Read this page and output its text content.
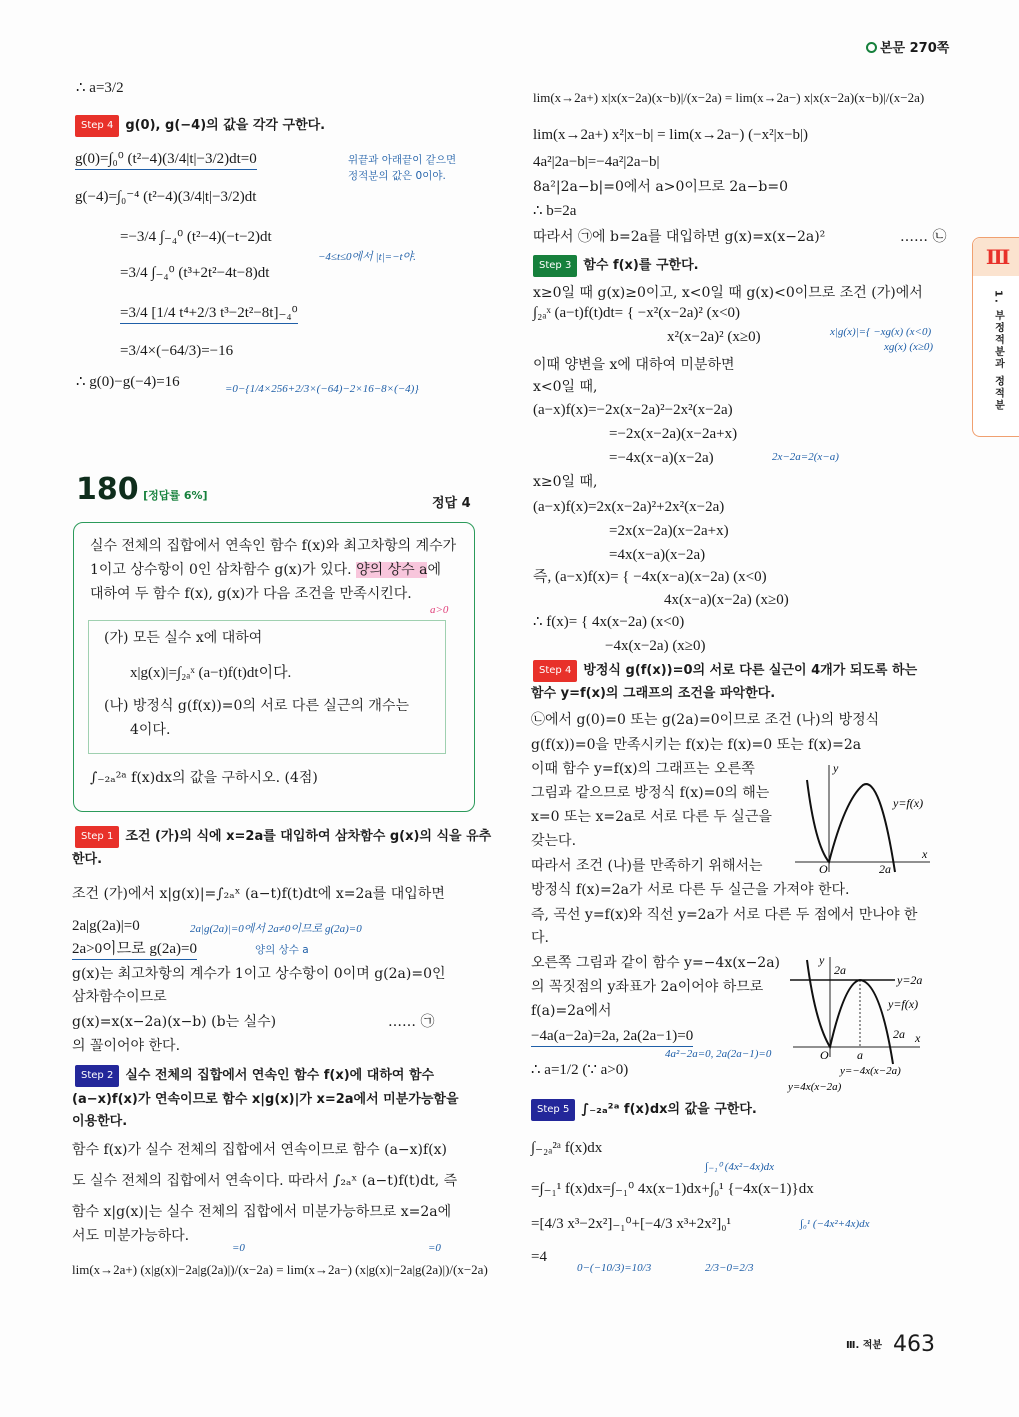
본문 270쪽
Ⅲ
1. 부정적분과 정적분
∴ a=3/2
Step 4 g(0), g(−4)의 값을 각각 구한다.
g(0)=∫₀⁰ (t²−4)(3/4|t|−3/2)dt=0	위끝과 아래끝이 같으면
정적분의 값은 0이야.
g(−4)=∫₀⁻⁴ (t²−4)(3/4|t|−3/2)dt
=−3/4 ∫₋₄⁰ (t²−4)(−t−2)dt
−4≤t≤0에서 |t|=−t야.
=3/4 ∫₋₄⁰ (t³+2t²−4t−8)dt
=3/4 [1/4 t⁴+2/3 t³−2t²−8t]₋₄⁰
=3/4×(−64/3)=−16
∴ g(0)−g(−4)=16	=0−{1/4×256+2/3×(−64)−2×16−8×(−4)}
180 [정답률 6%]
정답 4
실수 전체의 집합에서 연속인 함수 f(x)와 최고차항의 계수가
1이고 상수항이 0인 삼차함수 g(x)가 있다. 양의 상수 a에
대하여 두 함수 f(x), g(x)가 다음 조건을 만족시킨다.
a>0
(가) 모든 실수 x에 대하여
x|g(x)|=∫₂ₐˣ (a−t)f(t)dt이다.
(나) 방정식 g(f(x))=0의 서로 다른 실근의 개수는
4이다.
∫₋₂ₐ²ᵃ f(x)dx의 값을 구하시오. (4점)
Step 1 조건 (가)의 식에 x=2a를 대입하여 삼차함수 g(x)의 식을 유추
한다.
조건 (가)에서 x|g(x)|=∫₂ₐˣ (a−t)f(t)dt에 x=2a를 대입하면
2a|g(2a)|=0	2a|g(2a)|=0에서 2a≠0이므로 g(2a)=0
2a>0이므로 g(2a)=0	양의 상수 a
g(x)는 최고차항의 계수가 1이고 상수항이 0이며 g(2a)=0인
삼차함수이므로
g(x)=x(x−2a)(x−b) (b는 실수)	…… ㉠
의 꼴이어야 한다.
Step 2 실수 전체의 집합에서 연속인 함수 f(x)에 대하여 함수
(a−x)f(x)가 연속이므로 함수 x|g(x)|가 x=2a에서 미분가능함을
이용한다.
함수 f(x)가 실수 전체의 집합에서 연속이므로 함수 (a−x)f(x)
도 실수 전체의 집합에서 연속이다. 따라서 ∫₂ₐˣ (a−t)f(t)dt, 즉
함수 x|g(x)|는 실수 전체의 집합에서 미분가능하므로 x=2a에
서도 미분가능하다.
=0	=0
lim(x→2a+) (x|g(x)|−2a|g(2a)|)/(x−2a) = lim(x→2a−) (x|g(x)|−2a|g(2a)|)/(x−2a)
lim(x→2a+) x|x(x−2a)(x−b)|/(x−2a) = lim(x→2a−) x|x(x−2a)(x−b)|/(x−2a)
lim(x→2a+) x²|x−b| = lim(x→2a−) (−x²|x−b|)
4a²|2a−b|=−4a²|2a−b|
8a²|2a−b|=0에서 a>0이므로 2a−b=0
∴ b=2a
따라서 ㉠에 b=2a를 대입하면 g(x)=x(x−2a)²	…… ㉡
Step 3 함수 f(x)를 구한다.
x≥0일 때 g(x)≥0이고, x<0일 때 g(x)<0이므로 조건 (가)에서
∫₂ₐˣ (a−t)f(t)dt= { −x²(x−2a)² (x<0)
x²(x−2a)² (x≥0)	x|g(x)|={ −xg(x) (x<0)
xg(x) (x≥0)
이때 양변을 x에 대하여 미분하면
x<0일 때,
(a−x)f(x)=−2x(x−2a)²−2x²(x−2a)
=−2x(x−2a)(x−2a+x)
=−4x(x−a)(x−2a)	2x−2a=2(x−a)
x≥0일 때,
(a−x)f(x)=2x(x−2a)²+2x²(x−2a)
=2x(x−2a)(x−2a+x)
=4x(x−a)(x−2a)
즉, (a−x)f(x)= { −4x(x−a)(x−2a) (x<0)
4x(x−a)(x−2a) (x≥0)
∴ f(x)= { 4x(x−2a) (x<0)
−4x(x−2a) (x≥0)
Step 4 방정식 g(f(x))=0의 서로 다른 실근이 4개가 되도록 하는
함수 y=f(x)의 그래프의 조건을 파악한다.
㉡에서 g(0)=0 또는 g(2a)=0이므로 조건 (나)의 방정식
g(f(x))=0을 만족시키는 f(x)는 f(x)=0 또는 f(x)=2a
이때 함수 y=f(x)의 그래프는 오른쪽
그림과 같으므로 방정식 f(x)=0의 해는
x=0 또는 x=2a로 서로 다른 두 실근을
갖는다.
따라서 조건 (나)를 만족하기 위해서는
방정식 f(x)=2a가 서로 다른 두 실근을 가져야 한다.
즉, 곡선 y=f(x)와 직선 y=2a가 서로 다른 두 점에서 만나야 한
다.
오른쪽 그림과 같이 함수 y=−4x(x−2a)
의 꼭짓점의 y좌표가 2a이어야 하므로
f(a)=2a에서
−4a(a−2a)=2a, 2a(2a−1)=0
4a²−2a=0, 2a(2a−1)=0
∴ a=1/2 (∵ a>0)
Step 5 ∫₋₂ₐ²ᵃ f(x)dx의 값을 구한다.
∫₋₂ₐ²ᵃ f(x)dx
∫₋₁⁰ (4x²−4x)dx
=∫₋₁¹ f(x)dx=∫₋₁⁰ 4x(x−1)dx+∫₀¹ {−4x(x−1)}dx
=[4/3 x³−2x²]₋₁⁰+[−4/3 x³+2x²]₀¹	∫₀¹ (−4x²+4x)dx
=4
0−(−10/3)=10/3	2/3−0=2/3
y
y=f(x)
O	2a
x
y
2a
y=2a
y=f(x)
2a
O a
x
y=−4x(x−2a)
y=4x(x−2a)
Ⅲ. 적분 463
